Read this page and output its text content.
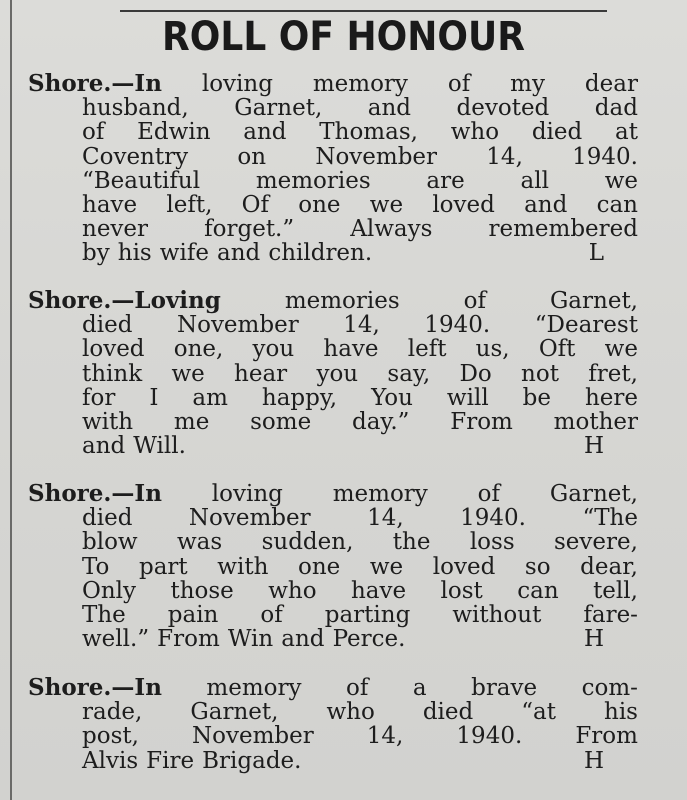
ROLL OF HONOUR
Shore.—In loving memory of my dear
husband, Garnet, and devoted dad
of Edwin and Thomas, who died at
Coventry on November 14, 1940.
“Beautiful memories are all we
have left, Of one we loved and can
never forget.” Always remembered
by his wife and children.	L
Shore.—Loving	memories	of	Garnet,
died November 14, 1940. “Dearest
loved one, you have left us, Oft we
think we hear you say, Do not fret,
for I am happy, You will be here
with me some day.” From mother
and Will.	H
Shore.—In loving memory of Garnet,
died November 14, 1940. “The
blow was sudden, the loss severe,
To part with one we loved so dear,
Only those who have lost can tell,
The pain of parting without fare-
well.” From Win and Perce.	H
Shore.—In memory of a brave com-
rade, Garnet, who died “at his
post, November 14, 1940. From
Alvis Fire Brigade.	H
